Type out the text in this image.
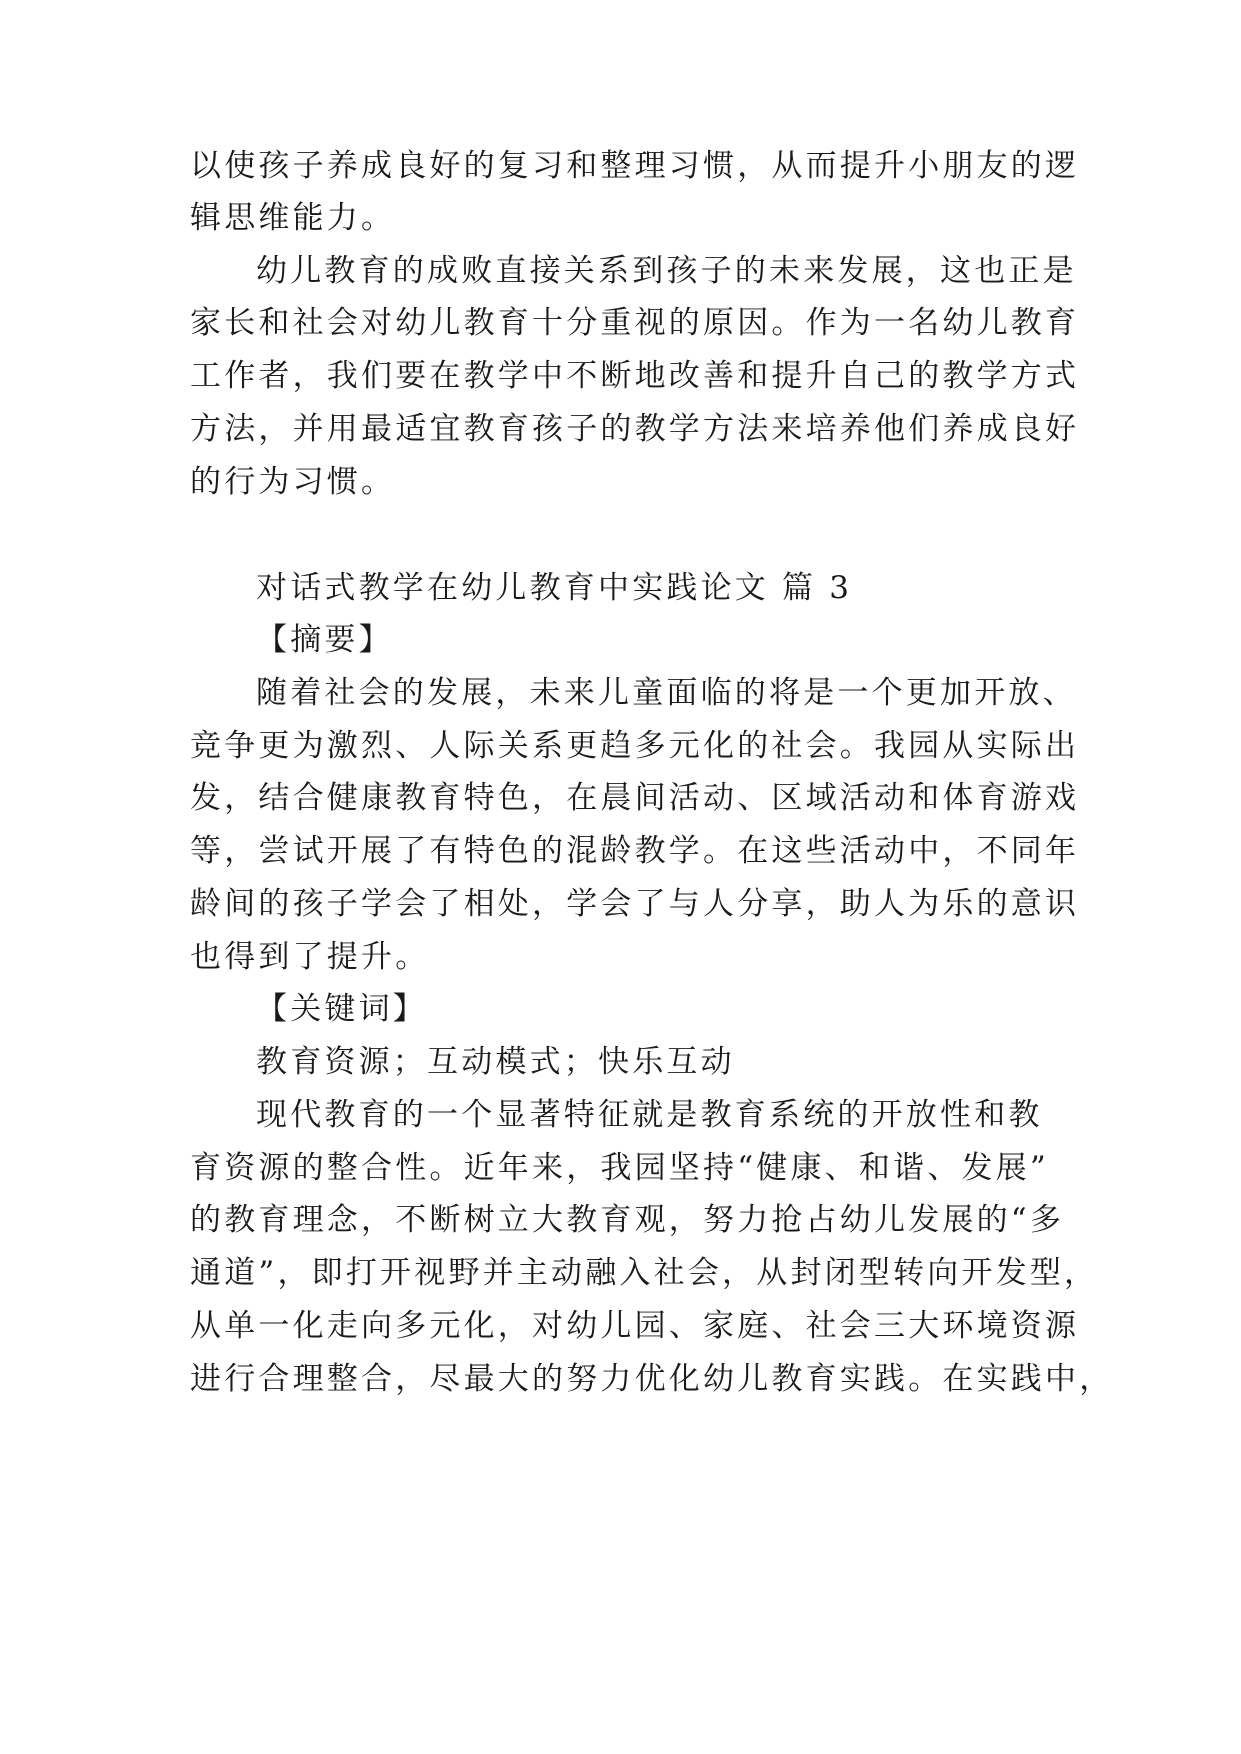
以使孩子养成良好的复习和整理习惯，从而提升小朋友的逻
辑思维能力。
幼儿教育的成败直接关系到孩子的未来发展，这也正是
家长和社会对幼儿教育十分重视的原因。作为一名幼儿教育
工作者，我们要在教学中不断地改善和提升自己的教学方式
方法，并用最适宜教育孩子的教学方法来培养他们养成良好
的行为习惯。
对话式教学在幼儿教育中实践论文 篇 3
【摘要】
随着社会的发展，未来儿童面临的将是一个更加开放、
竞争更为激烈、人际关系更趋多元化的社会。我园从实际出
发，结合健康教育特色，在晨间活动、区域活动和体育游戏
等，尝试开展了有特色的混龄教学。在这些活动中，不同年
龄间的孩子学会了相处，学会了与人分享，助人为乐的意识
也得到了提升。
【关键词】
教育资源；互动模式；快乐互动
现代教育的一个显著特征就是教育系统的开放性和教
育资源的整合性。近年来，我园坚持“健康、和谐、发展”
的教育理念，不断树立大教育观，努力抢占幼儿发展的“多
通道”，即打开视野并主动融入社会，从封闭型转向开发型，
从单一化走向多元化，对幼儿园、家庭、社会三大环境资源
进行合理整合，尽最大的努力优化幼儿教育实践。在实践中，
